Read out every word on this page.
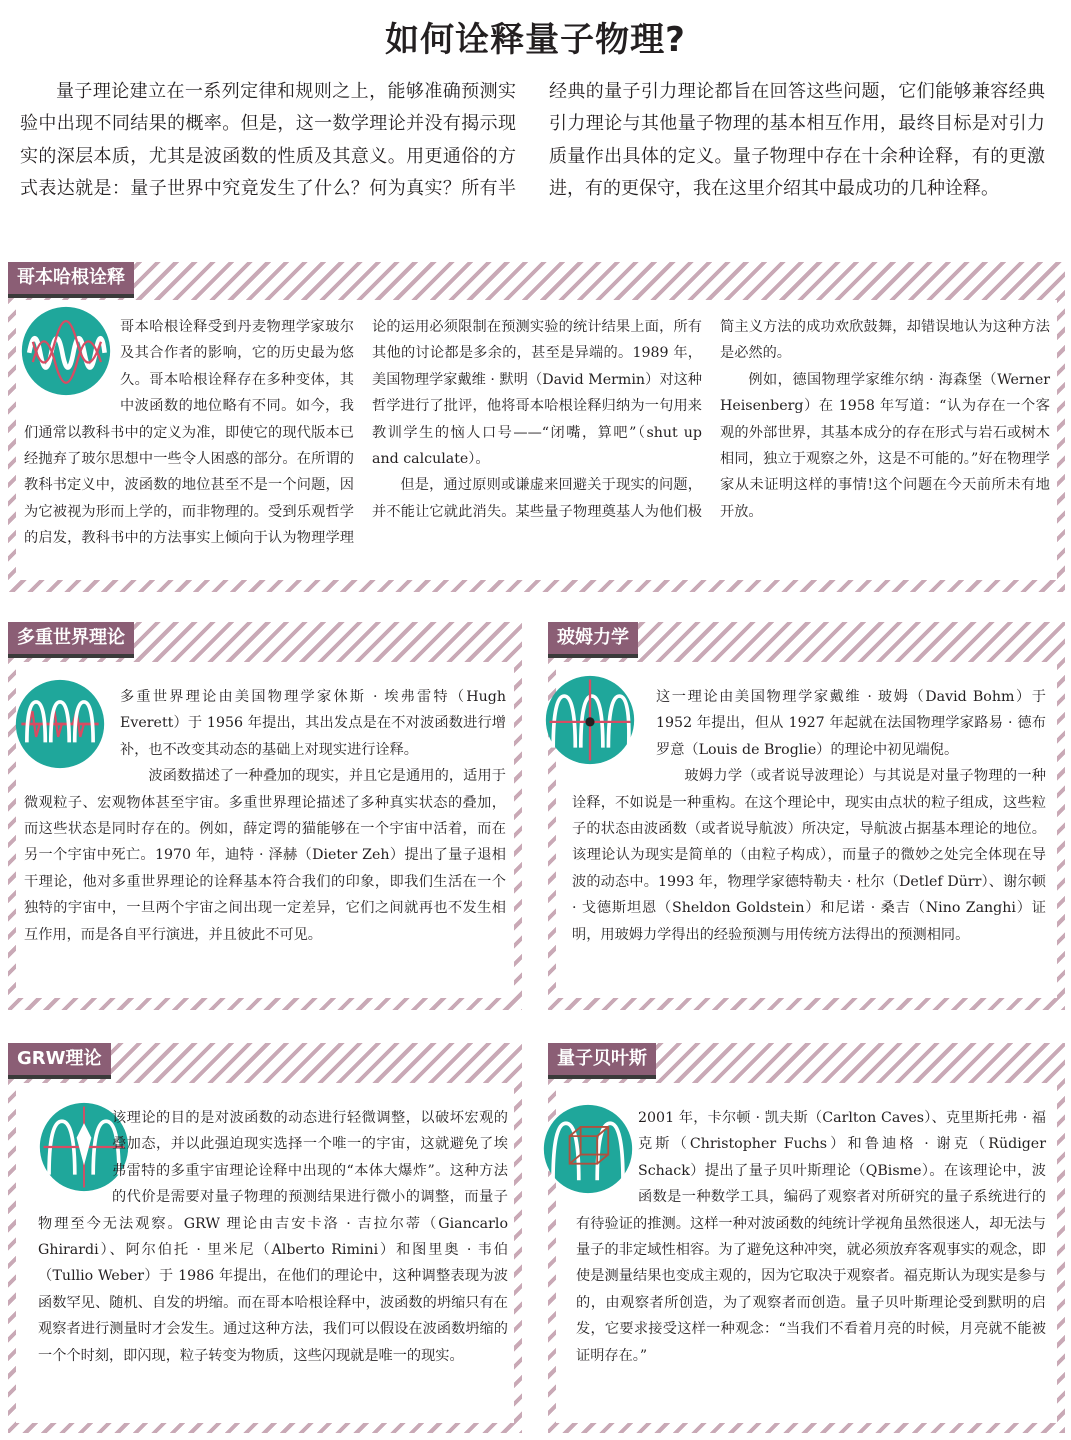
如何诠释量子物理?

量子理论建立在一系列定律和规则之上，能够准确预测实验中出现不同结果的概率。但是，这一数学理论并没有揭示现实的深层本质，尤其是波函数的性质及其意义。用更通俗的方式表达就是：量子世界中究竟发生了什么？何为真实？所有半经典的量子引力理论都旨在回答这些问题，它们能够兼容经典引力理论与其他量子物理的基本相互作用，最终目标是对引力质量作出具体的定义。量子物理中存在十余种诠释，有的更激进，有的更保守，我在这里介绍其中最成功的几种诠释。

哥本哈根诠释受到丹麦物理学家玻尔及其合作者的影响，它的历史最为悠久。哥本哈根诠释存在多种变体，其中波函数的地位略有不同。如今，我们通常以教科书中的定义为准，即使它的现代版本已经抛弃了玻尔思想中一些令人困惑的部分。在所谓的教科书定义中，波函数的地位甚至不是一个问题，因为它被视为形而上学的，而非物理的。受到乐观哲学的启发，教科书中的方法事实上倾向于认为物理学理论的运用必须限制在预测实验的统计结果上面，所有其他的讨论都是多余的，甚至是异端的。1989 年，美国物理学家戴维 · 默明（David Mermin）对这种哲学进行了批评，他将哥本哈根诠释归纳为一句用来教训学生的恼人口号——“闭嘴，算吧”（shut up and calculate）。

但是，通过原则或谦虚来回避关于现实的问题，并不能让它就此消失。某些量子物理奠基人为他们极简主义方法的成功欢欣鼓舞，却错误地认为这种方法是必然的。

例如，德国物理学家维尔纳 · 海森堡（Werner Heisenberg）在 1958 年写道：“认为存在一个客观的外部世界，其基本成分的存在形式与岩石或树木相同，独立于观察之外，这是不可能的。”好在物理学家从未证明这样的事情!这个问题在今天前所未有地开放。

哥本哈根诠释

多重世界理论由美国物理学家休斯 · 埃弗雷特（Hugh Everett）于 1956 年提出，其出发点是在不对波函数进行增补，也不改变其动态的基础上对现实进行诠释。

波函数描述了一种叠加的现实，并且它是通用的，适用于微观粒子、宏观物体甚至宇宙。多重世界理论描述了多种真实状态的叠加，而这些状态是同时存在的。例如，薛定谔的猫能够在一个宇宙中活着，而在另一个宇宙中死亡。1970 年，迪特 · 泽赫（Dieter Zeh）提出了量子退相干理论，他对多重世界理论的诠释基本符合我们的印象，即我们生活在一个独特的宇宙中，一旦两个宇宙之间出现一定差异，它们之间就再也不发生相互作用，而是各自平行演进，并且彼此不可见。

多重世界理论

这一理论由美国物理学家戴维 · 玻姆（David Bohm）于 1952 年提出，但从 1927 年起就在法国物理学家路易 · 德布罗意（Louis de Broglie）的理论中初见端倪。

玻姆力学（或者说导波理论）与其说是对量子物理的一种诠释，不如说是一种重构。在这个理论中，现实由点状的粒子组成，这些粒子的状态由波函数（或者说导航波）所决定，导航波占据基本理论的地位。该理论认为现实是简单的（由粒子构成），而量子的微妙之处完全体现在导波的动态中。1993 年，物理学家德特勒夫 · 杜尔（Detlef Dürr）、谢尔顿 · 戈德斯坦恩（Sheldon Goldstein）和尼诺 · 桑吉（Nino Zanghi）证明，用玻姆力学得出的经验预测与用传统方法得出的预测相同。

玻姆力学

该理论的目的是对波函数的动态进行轻微调整，以破坏宏观的叠加态，并以此强迫现实选择一个唯一的宇宙，这就避免了埃弗雷特的多重宇宙理论诠释中出现的“本体大爆炸”。这种方法的代价是需要对量子物理的预测结果进行微小的调整，而量子物理至今无法观察。GRW 理论由吉安卡洛 · 吉拉尔蒂（Giancarlo Ghirardi）、阿尔伯托 · 里米尼（Alberto Rimini）和图里奥 · 韦伯（Tullio Weber）于 1986 年提出，在他们的理论中，这种调整表现为波函数罕见、随机、自发的坍缩。而在哥本哈根诠释中，波函数的坍缩只有在观察者进行测量时才会发生。通过这种方法，我们可以假设在波函数坍缩的一个个时刻，即闪现，粒子转变为物质，这些闪现就是唯一的现实。

GRW理论

2001 年，卡尔顿 · 凯夫斯（Carlton Caves）、克里斯托弗 · 福克斯（Christopher Fuchs）和鲁迪格 · 谢克（Rüdiger Schack）提出了量子贝叶斯理论（QBisme）。在该理论中，波函数是一种数学工具，编码了观察者对所研究的量子系统进行的有待验证的推测。这样一种对波函数的纯统计学视角虽然很迷人，却无法与量子的非定域性相容。为了避免这种冲突，就必须放弃客观事实的观念，即使是测量结果也变成主观的，因为它取决于观察者。福克斯认为现实是参与的，由观察者所创造，为了观察者而创造。量子贝叶斯理论受到默明的启发，它要求接受这样一种观念：“当我们不看着月亮的时候，月亮就不能被证明存在。”

量子贝叶斯
